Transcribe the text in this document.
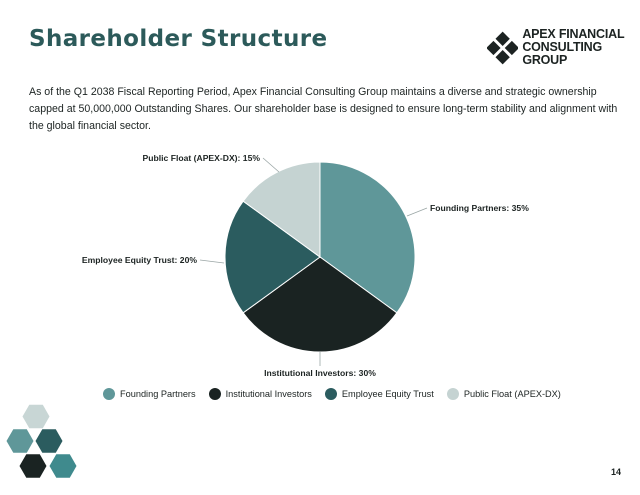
Shareholder Structure	APEX FINANCIAL
CONSULTING GROUP

As of the Q1 2038 Fiscal Reporting Period, Apex Financial Consulting Group maintains a diverse and strategic ownership capped at 50,000,000 Outstanding Shares. Our shareholder base is designed to ensure long-term stability and alignment with the global financial sector.

Founding Partners: 35%
Institutional Investors: 30%
Employee Equity Trust: 20%
Public Float (APEX-DX): 15%
Founding Partners	Institutional Investors	Employee Equity Trust	Public Float (APEX-DX)
14
